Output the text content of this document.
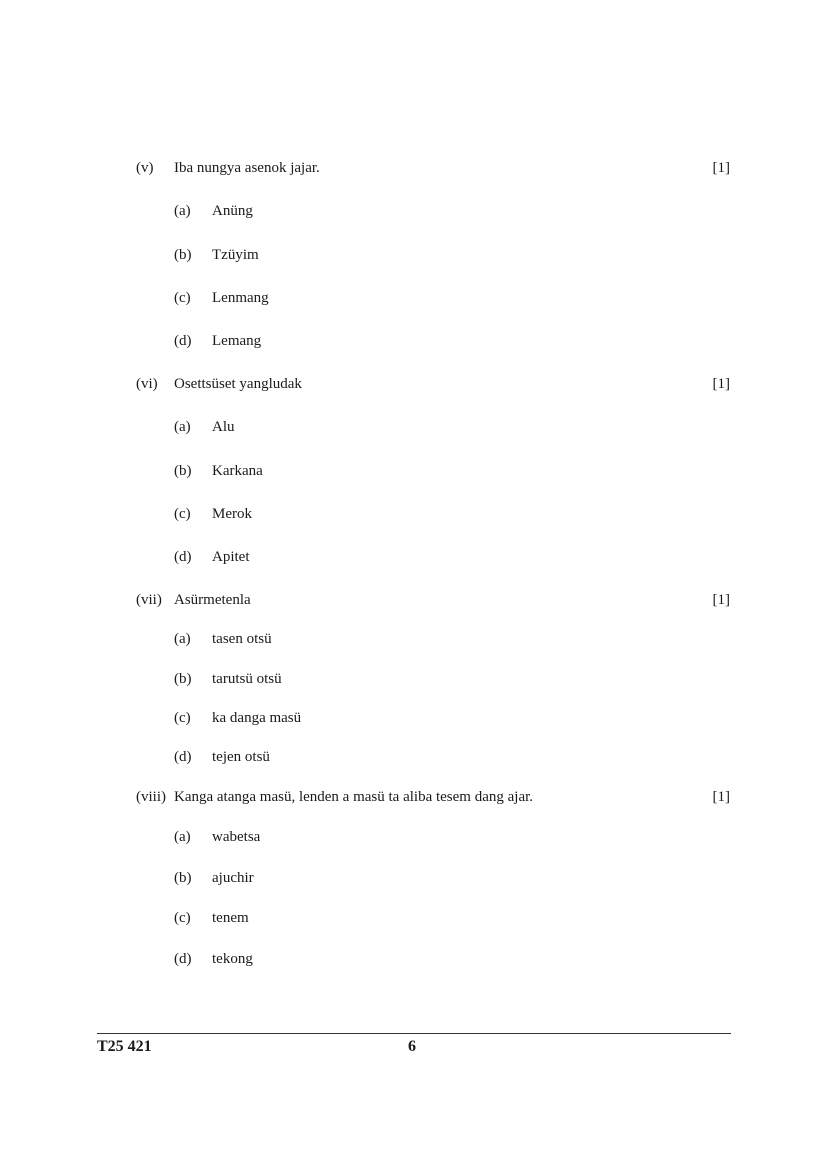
(v) Iba nungya asenok jajar.	[1]
(a) Anüng
(b) Tzüyim
(c) Lenmang
(d) Lemang
(vi) Osettsüset yangludak	[1]
(a) Alu
(b) Karkana
(c) Merok
(d) Apitet
(vii) Asürmetenla	[1]
(a) tasen otsü
(b) tarutsü otsü
(c) ka danga masü
(d) tejen otsü
(viii) Kanga atanga masü, lenden a masü ta aliba tesem dang ajar.	[1]
(a) wabetsa
(b) ajuchir
(c) tenem
(d) tekong
T25 421	6
